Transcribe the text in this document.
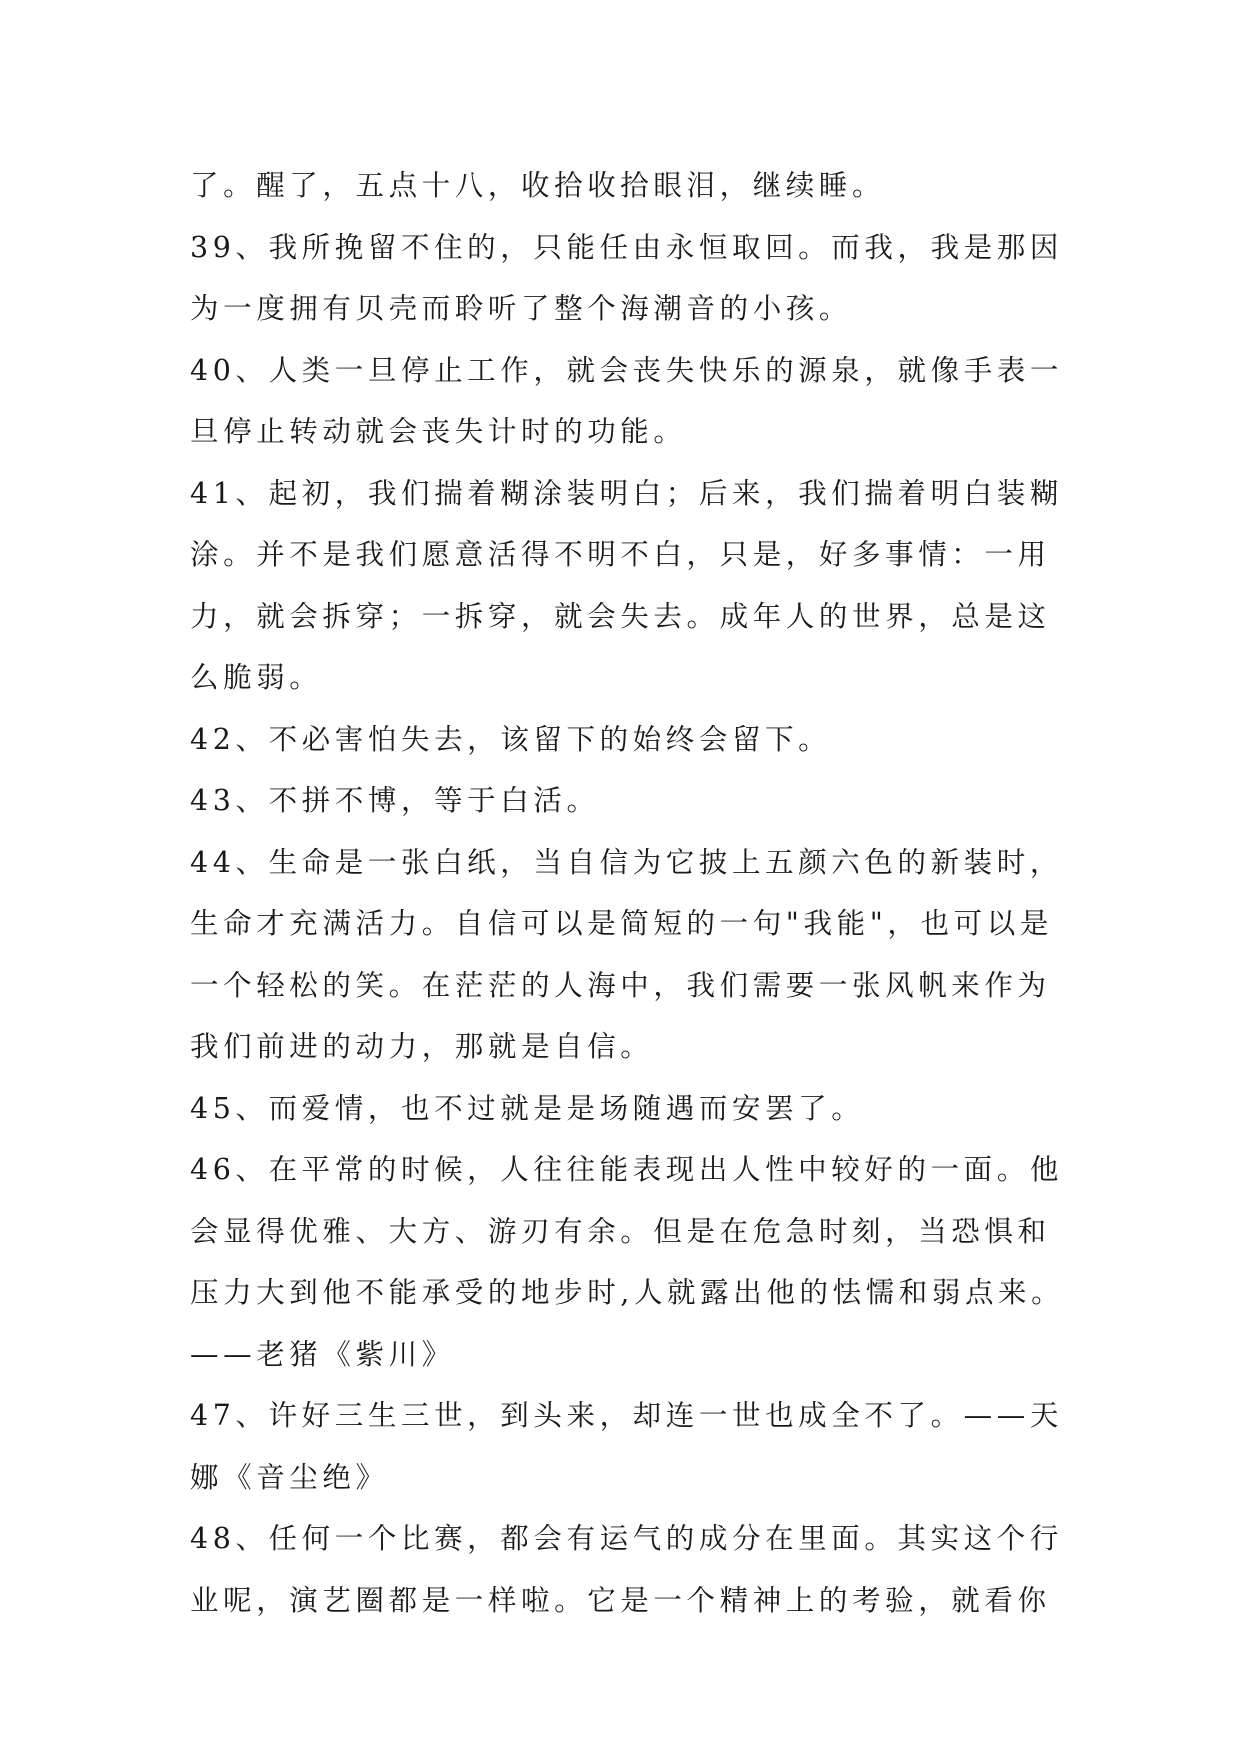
了。醒了，五点十八，收拾收拾眼泪，继续睡。
39、我所挽留不住的，只能任由永恒取回。而我，我是那因
为一度拥有贝壳而聆听了整个海潮音的小孩。
40、人类一旦停止工作，就会丧失快乐的源泉，就像手表一
旦停止转动就会丧失计时的功能。
41、起初，我们揣着糊涂装明白；后来，我们揣着明白装糊
涂。并不是我们愿意活得不明不白，只是，好多事情：一用
力，就会拆穿；一拆穿，就会失去。成年人的世界，总是这
么脆弱。
42、不必害怕失去，该留下的始终会留下。
43、不拼不博，等于白活。
44、生命是一张白纸，当自信为它披上五颜六色的新装时，
生命才充满活力。自信可以是简短的一句"我能"，也可以是
一个轻松的笑。在茫茫的人海中，我们需要一张风帆来作为
我们前进的动力，那就是自信。
45、而爱情，也不过就是是场随遇而安罢了。
46、在平常的时候，人往往能表现出人性中较好的一面。他
会显得优雅、大方、游刃有余。但是在危急时刻，当恐惧和
压力大到他不能承受的地步时,人就露出他的怯懦和弱点来。
——老猪《紫川》
47、许好三生三世，到头来，却连一世也成全不了。——天
娜《音尘绝》
48、任何一个比赛，都会有运气的成分在里面。其实这个行
业呢，演艺圈都是一样啦。它是一个精神上的考验，就看你
